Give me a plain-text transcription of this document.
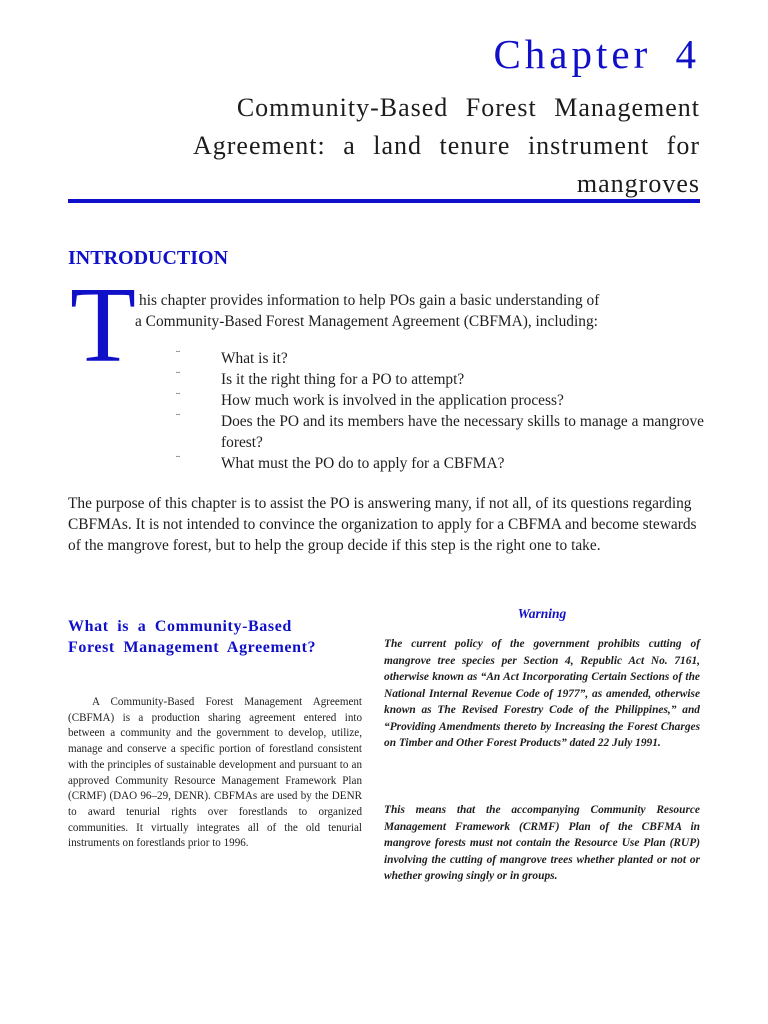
Chapter 4
Community-Based Forest Management Agreement: a land tenure instrument for mangroves
INTRODUCTION
T his chapter provides information to help POs gain a basic understanding of
a Community-Based Forest Management Agreement (CBFMA), including:
¨	What is it?
¨	Is it the right thing for a PO to attempt?
¨	How much work is involved in the application process?
¨	Does the PO and its members have the necessary skills to manage a mangrove forest?
¨	What must the PO do to apply for a CBFMA?
The purpose of this chapter is to assist the PO is answering many, if not all, of its questions regarding CBFMAs. It is not intended to convince the organization to apply for a CBFMA and become stewards of the mangrove forest, but to help the group decide if this step is the right one to take.
What is a Community-Based Forest Management Agreement?
A Community-Based Forest Management Agreement (CBFMA) is a production sharing agreement entered into between a community and the government to develop, utilize, manage and conserve a specific portion of forestland consistent with the principles of sustainable development and pursuant to an approved Community Resource Management Framework Plan (CRMF) (DAO 96–29, DENR). CBFMAs are used by the DENR to award tenurial rights over forestlands to organized communities. It virtually integrates all of the old tenurial instruments on forestlands prior to 1996.
Warning
The current policy of the government prohibits cutting of mangrove tree species per Section 4, Republic Act No. 7161, otherwise known as “An Act Incorporating Certain Sections of the National Internal Revenue Code of 1977”, as amended, otherwise known as The Revised Forestry Code of the Philippines,” and “Providing Amendments thereto by Increasing the Forest Charges on Timber and Other Forest Products” dated 22 July 1991.
This means that the accompanying Community Resource Management Framework (CRMF) Plan of the CBFMA in mangrove forests must not contain the Resource Use Plan (RUP) involving the cutting of mangrove trees whether planted or not or whether growing singly or in groups.
